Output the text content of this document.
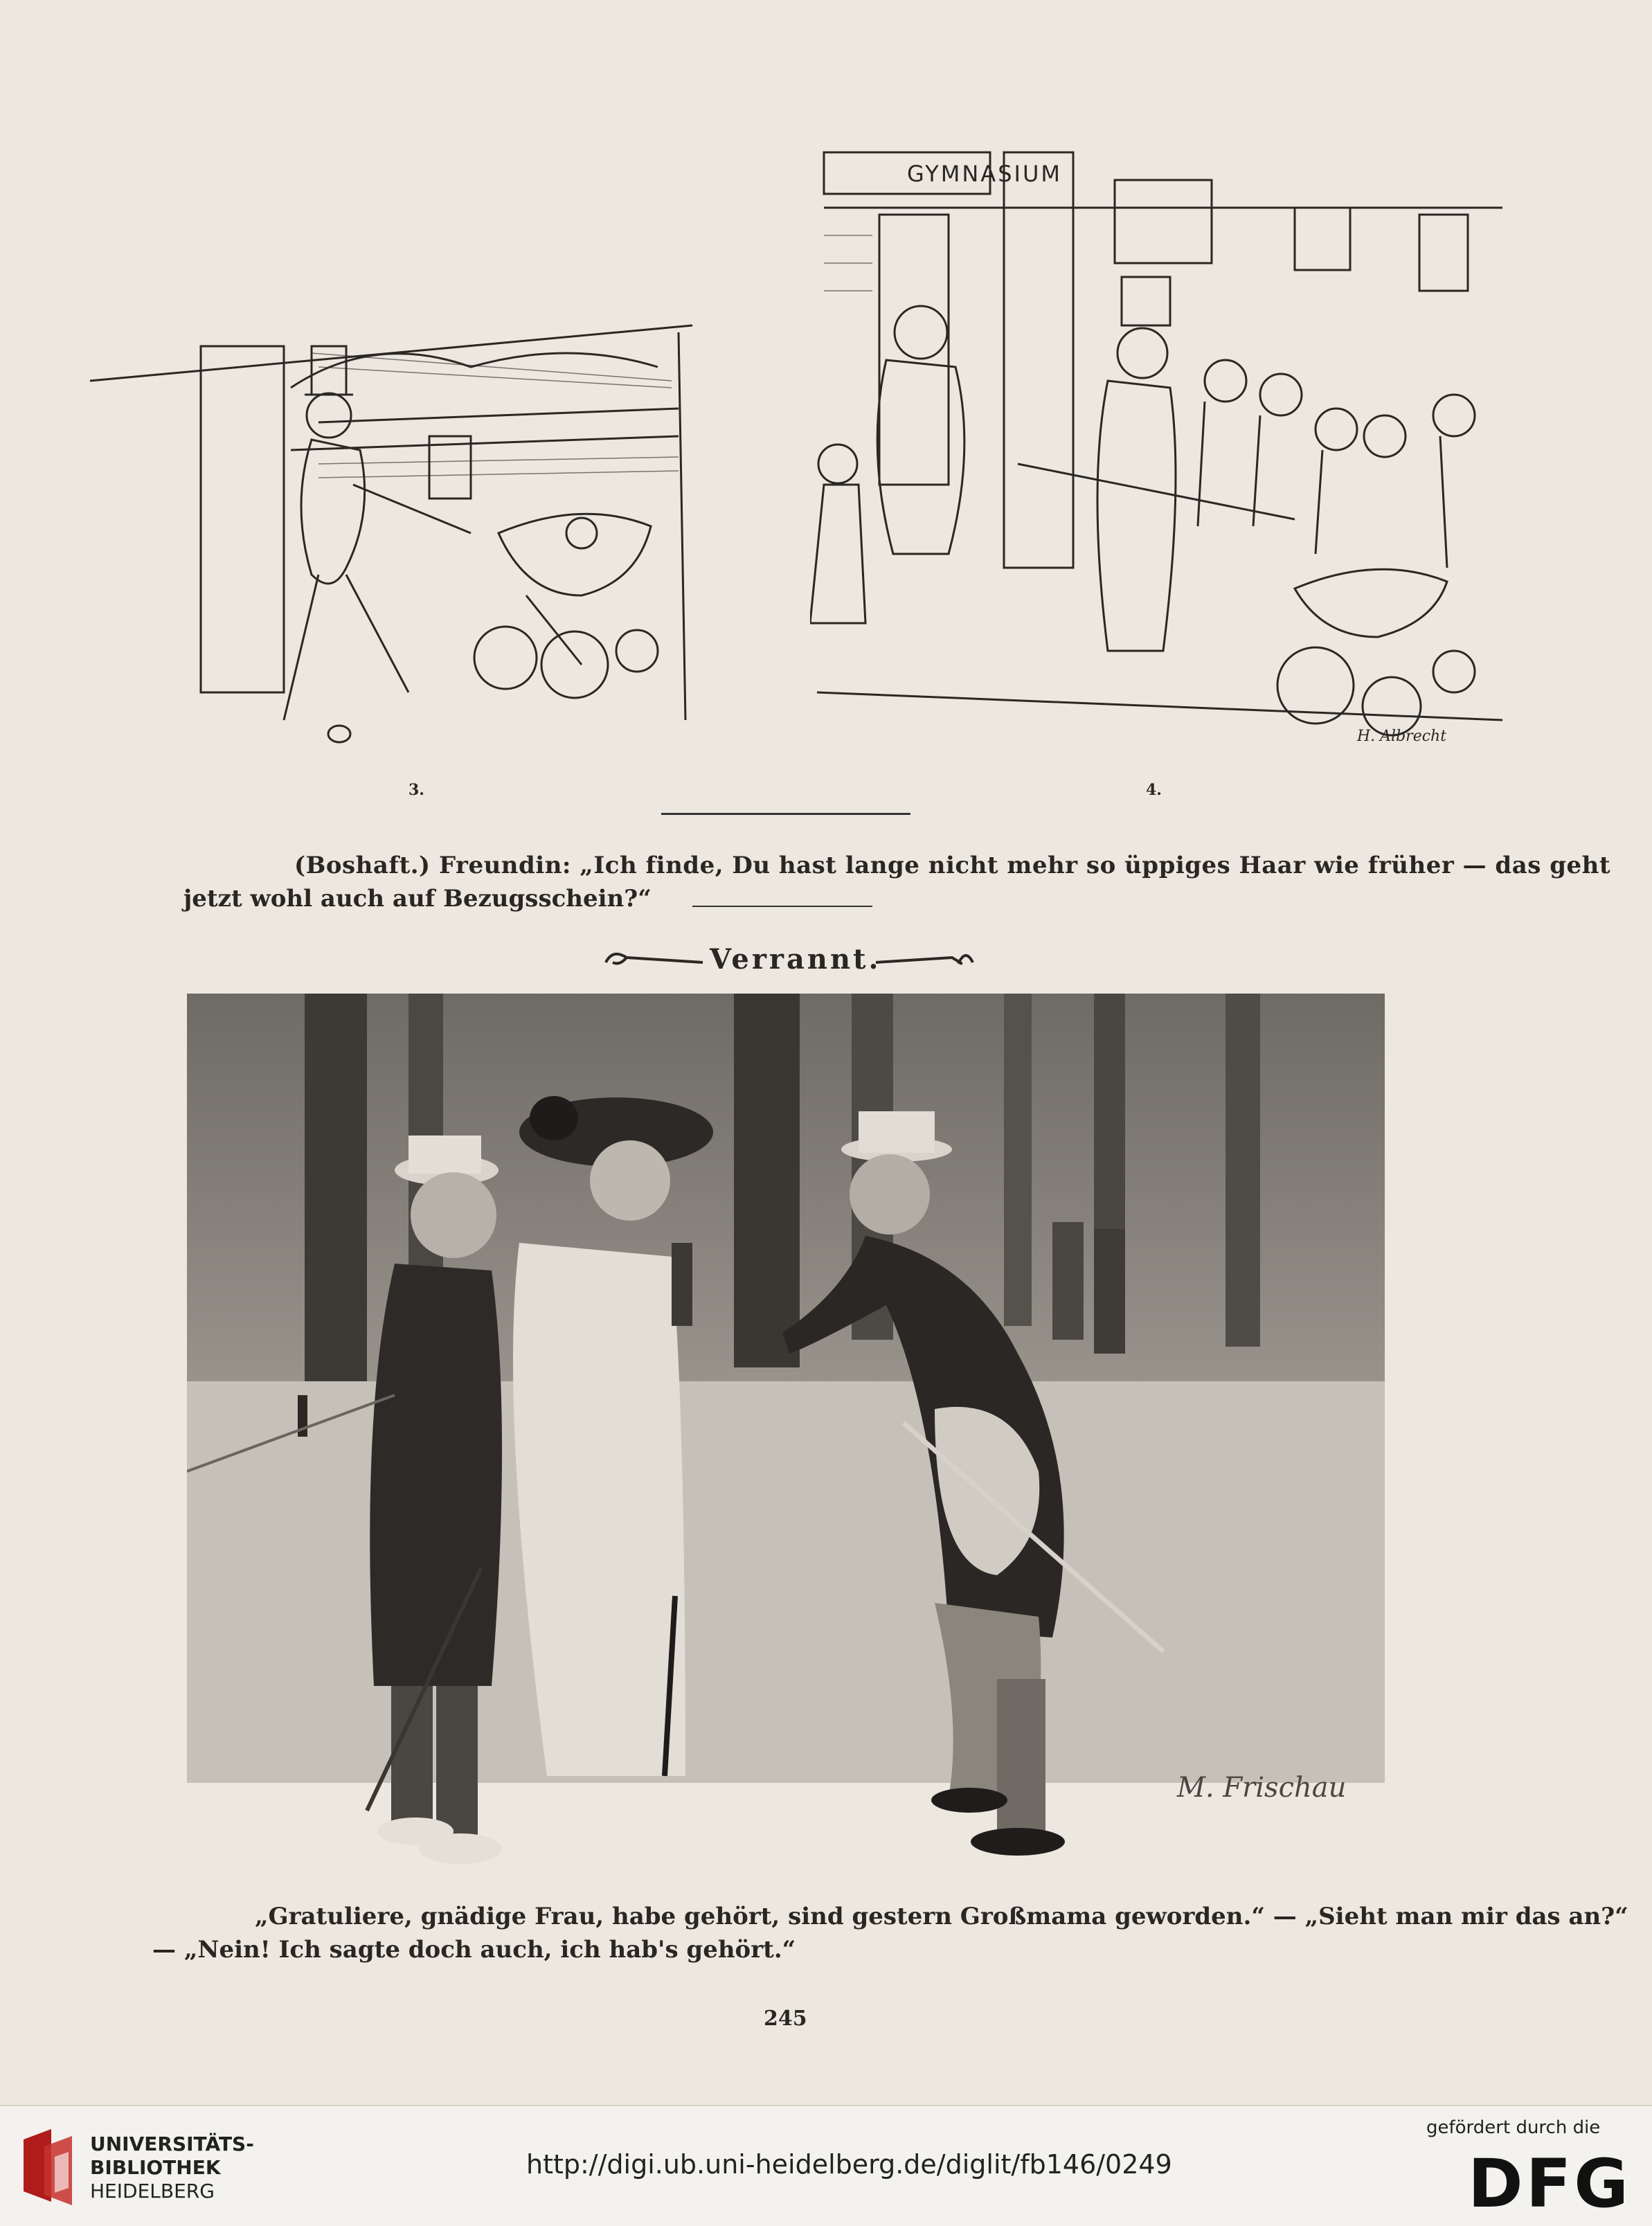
GYMNASIUM
H. Albrecht
3.	4.
(Boshaft.) Freundin: „Ich finde, Du hast lange nicht mehr so üppiges Haar wie früher — das geht
jetzt wohl auch auf Bezugsschein?“
Verrannt.
M. Frischau
„Gratuliere, gnädige Frau, habe gehört, sind gestern Großmama geworden.“ — „Sieht man mir das an?“
— „Nein! Ich sagte doch auch, ich hab's gehört.“
245
UNIVERSITÄTS-
BIBLIOTHEK
HEIDELBERG
http://digi.ub.uni-heidelberg.de/diglit/fb146/0249
gefördert durch die
DFG
